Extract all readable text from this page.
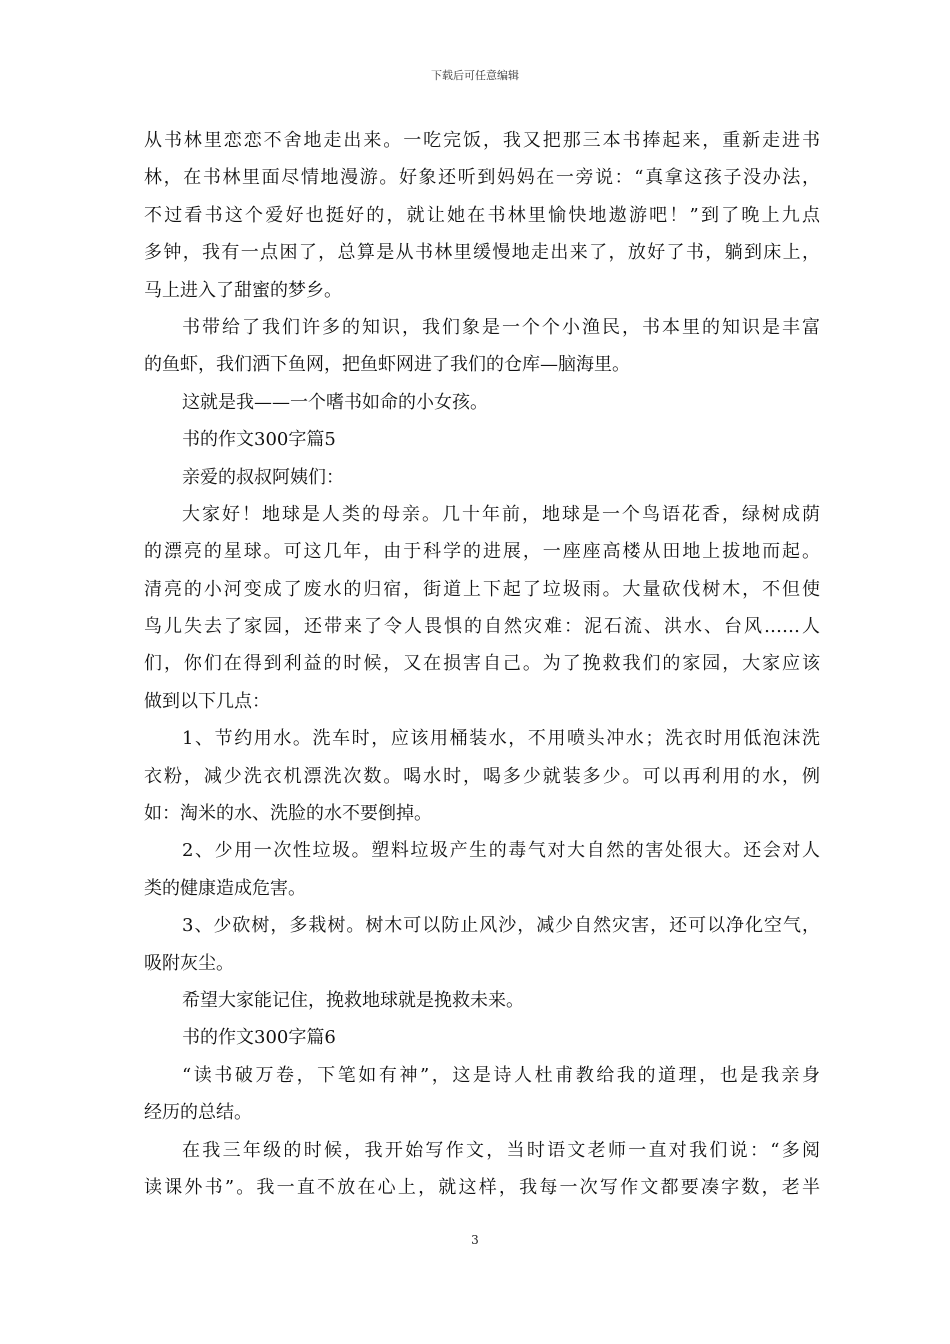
下载后可任意编辑
从书林里恋恋不舍地走出来。一吃完饭，我又把那三本书捧起来，重新走进书
林，在书林里面尽情地漫游。好象还听到妈妈在一旁说：“真拿这孩子没办法，
不过看书这个爱好也挺好的，就让她在书林里愉快地遨游吧！”到了晚上九点
多钟，我有一点困了，总算是从书林里缓慢地走出来了，放好了书，躺到床上，
马上进入了甜蜜的梦乡。
书带给了我们许多的知识，我们象是一个个小渔民，书本里的知识是丰富
的鱼虾，我们洒下鱼网，把鱼虾网进了我们的仓库—脑海里。
这就是我——一个嗜书如命的小女孩。
书的作文300字篇5
亲爱的叔叔阿姨们：
大家好！地球是人类的母亲。几十年前，地球是一个鸟语花香，绿树成荫
的漂亮的星球。可这几年，由于科学的进展，一座座高楼从田地上拔地而起。
清亮的小河变成了废水的归宿，街道上下起了垃圾雨。大量砍伐树木，不但使
鸟儿失去了家园，还带来了令人畏惧的自然灾难：泥石流、洪水、台风……人
们，你们在得到利益的时候，又在损害自己。为了挽救我们的家园，大家应该
做到以下几点：
1、节约用水。洗车时，应该用桶装水，不用喷头冲水；洗衣时用低泡沫洗
衣粉，减少洗衣机漂洗次数。喝水时，喝多少就装多少。可以再利用的水，例
如：淘米的水、洗脸的水不要倒掉。
2、少用一次性垃圾。塑料垃圾产生的毒气对大自然的害处很大。还会对人
类的健康造成危害。
3、少砍树，多栽树。树木可以防止风沙，减少自然灾害，还可以净化空气，
吸附灰尘。
希望大家能记住，挽救地球就是挽救未来。
书的作文300字篇6
“读书破万卷，下笔如有神”，这是诗人杜甫教给我的道理，也是我亲身
经历的总结。
在我三年级的时候，我开始写作文，当时语文老师一直对我们说：“多阅
读课外书”。我一直不放在心上，就这样，我每一次写作文都要凑字数，老半
3
